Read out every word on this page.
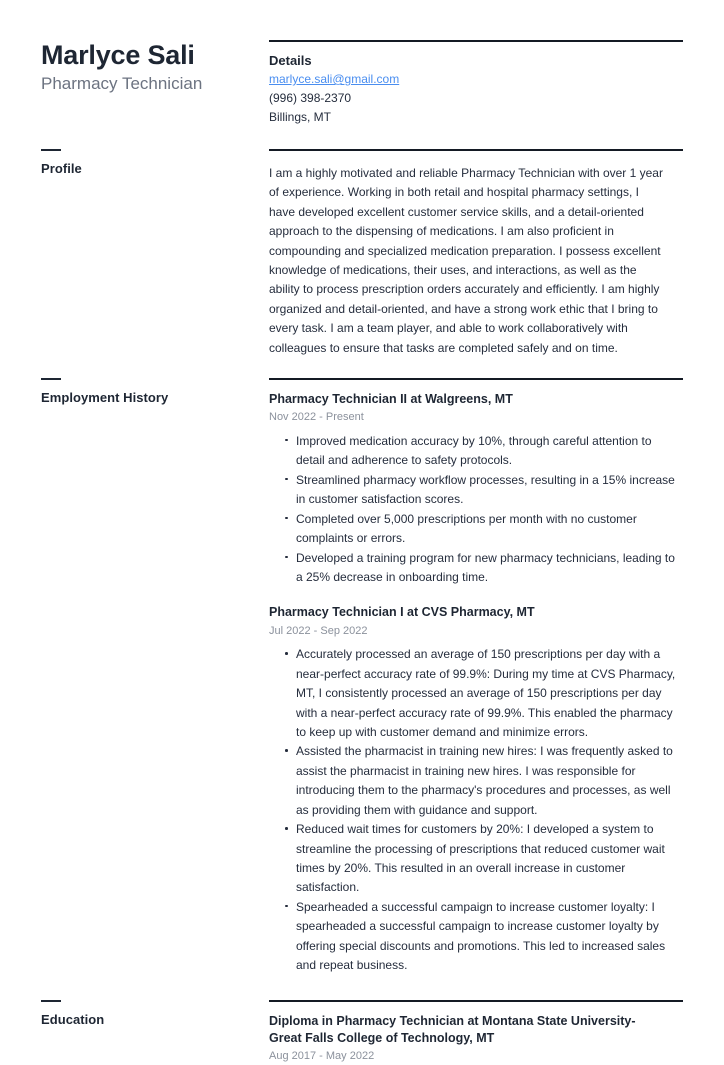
Marlyce Sali
Pharmacy Technician
Details
marlyce.sali@gmail.com
(996) 398-2370
Billings, MT
Profile	I am a highly motivated and reliable Pharmacy Technician with over 1 year of experience. Working in both retail and hospital pharmacy settings, I have developed excellent customer service skills, and a detail-oriented approach to the dispensing of medications. I am also proficient in compounding and specialized medication preparation. I possess excellent knowledge of medications, their uses, and interactions, as well as the ability to process prescription orders accurately and efficiently. I am highly organized and detail-oriented, and have a strong work ethic that I bring to every task. I am a team player, and able to work collaboratively with colleagues to ensure that tasks are completed safely and on time.

Employment History	Pharmacy Technician II at Walgreens, MT
Nov 2022 - Present
Improved medication accuracy by 10%, through careful attention to detail and adherence to safety protocols.
Streamlined pharmacy workflow processes, resulting in a 15% increase in customer satisfaction scores.
Completed over 5,000 prescriptions per month with no customer complaints or errors.
Developed a training program for new pharmacy technicians, leading to a 25% decrease in onboarding time.
Pharmacy Technician I at CVS Pharmacy, MT
Jul 2022 - Sep 2022
Accurately processed an average of 150 prescriptions per day with a near-perfect accuracy rate of 99.9%: During my time at CVS Pharmacy, MT, I consistently processed an average of 150 prescriptions per day with a near-perfect accuracy rate of 99.9%. This enabled the pharmacy to keep up with customer demand and minimize errors.
Assisted the pharmacist in training new hires: I was frequently asked to assist the pharmacist in training new hires. I was responsible for introducing them to the pharmacy's procedures and processes, as well as providing them with guidance and support.
Reduced wait times for customers by 20%: I developed a system to streamline the processing of prescriptions that reduced customer wait times by 20%. This resulted in an overall increase in customer satisfaction.
Spearheaded a successful campaign to increase customer loyalty: I spearheaded a successful campaign to increase customer loyalty by offering special discounts and promotions. This led to increased sales and repeat business.
Education	Diploma in Pharmacy Technician at Montana State University-Great Falls College of Technology, MT
Aug 2017 - May 2022
